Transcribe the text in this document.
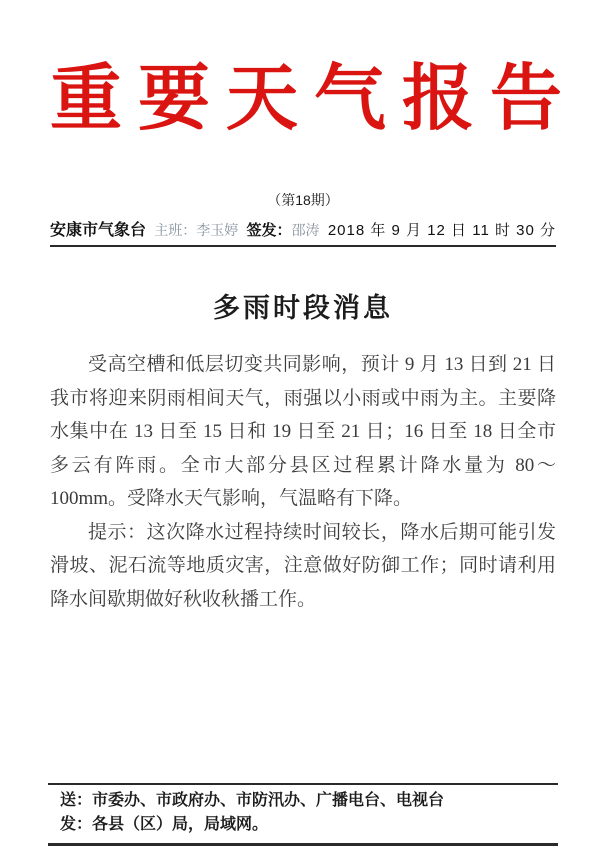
重要天气报告
（第18期）
安康市气象台 主班： 李玉婷 签发： 邵涛 2018 年 9 月 12 日 11 时 30 分
多雨时段消息

受高空槽和低层切变共同影响，预计 9 月 13 日到 21 日我市将迎来阴雨相间天气，雨强以小雨或中雨为主。主要降水集中在 13 日至 15 日和 19 日至 21 日；16 日至 18 日全市多云有阵雨。全市大部分县区过程累计降水量为 80～100mm。受降水天气影响，气温略有下降。

提示：这次降水过程持续时间较长，降水后期可能引发滑坡、泥石流等地质灾害，注意做好防御工作；同时请利用降水间歇期做好秋收秋播工作。

送：市委办、市政府办、市防汛办、广播电台、电视台
发：各县（区）局，局域网。
